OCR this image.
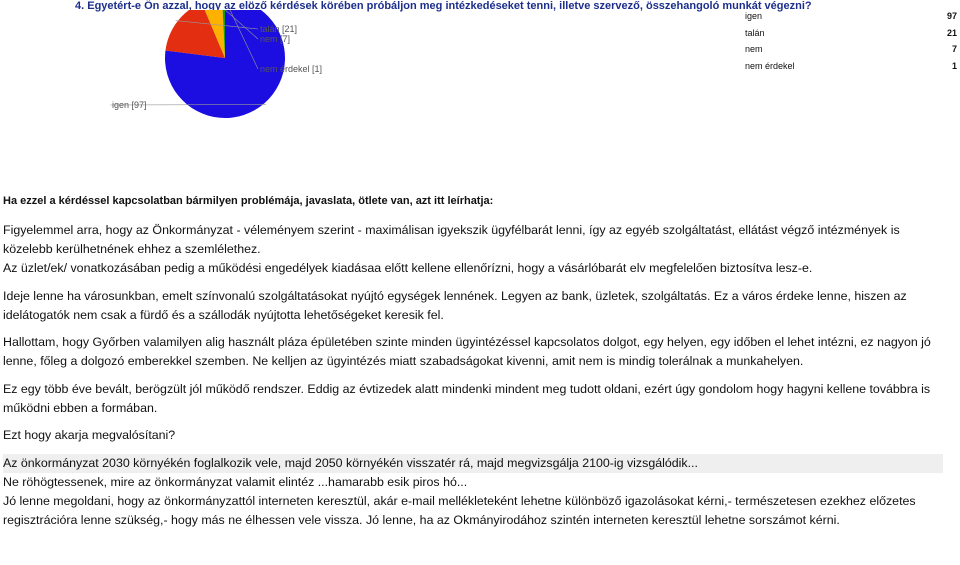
4. Egyetért-e Ön azzal, hogy az elöző kérdések körében próbáljon meg intézkedéseket tenni, illetve szervező, összehangoló munkát végezni?

igen [97]
talán [21]
nem [7]
nem érdekel [1]
igen	97
talán	21
nem	7
nem érdekel	1

Ha ezzel a kérdéssel kapcsolatban bármilyen problémája, javaslata, ötlete van, azt itt leírhatja:

Figyelemmel arra, hogy az Önkormányzat - véleményem szerint - maximálisan igyekszik ügyfélbarát lenni, így az egyéb szolgáltatást, ellátást végző intézmények is közelebb kerülhetnének ehhez a szemlélethez.

Az üzlet/ek/ vonatkozásában pedig a működési engedélyek kiadásaa előtt kellene ellenőrízni, hogy a vásárlóbarát elv megfelelően biztosítva lesz-e.

Ideje lenne ha városunkban, emelt színvonalú szolgáltatásokat nyújtó egységek lennének. Legyen az bank, üzletek, szolgáltatás. Ez a város érdeke lenne, hiszen az idelátogatók nem csak a fürdő és a szállodák nyújtotta lehetőségeket keresik fel.

Hallottam, hogy Győrben valamilyen alig használt pláza épületében szinte minden ügyintézéssel kapcsolatos dolgot, egy helyen, egy időben el lehet intézni, ez nagyon jó lenne, főleg a dolgozó emberekkel szemben. Ne kelljen az ügyintézés miatt szabadságokat kivenni, amit nem is mindig tolerálnak a munkahelyen.

Ez egy több éve bevált, berögzült jól működő rendszer. Eddig az évtizedek alatt mindenki mindent meg tudott oldani, ezért úgy gondolom hogy hagyni kellene továbbra is működni ebben a formában.

Ezt hogy akarja megvalósítani?

Az önkormányzat 2030 környékén foglalkozik vele, majd 2050 környékén visszatér rá, majd megvizsgálja 2100-ig vizsgálódik...

Ne röhögtessenek, mire az önkormányzat valamit elintéz ...hamarabb esik piros hó...

Jó lenne megoldani, hogy az önkormányzattól interneten keresztül, akár e-mail mellékleteként lehetne különböző igazolásokat kérni,- természetesen ezekhez előzetes regisztrációra lenne szükség,- hogy más ne élhessen vele vissza. Jó lenne, ha az Okmányirodához szintén interneten keresztül lehetne sorszámot kérni.
